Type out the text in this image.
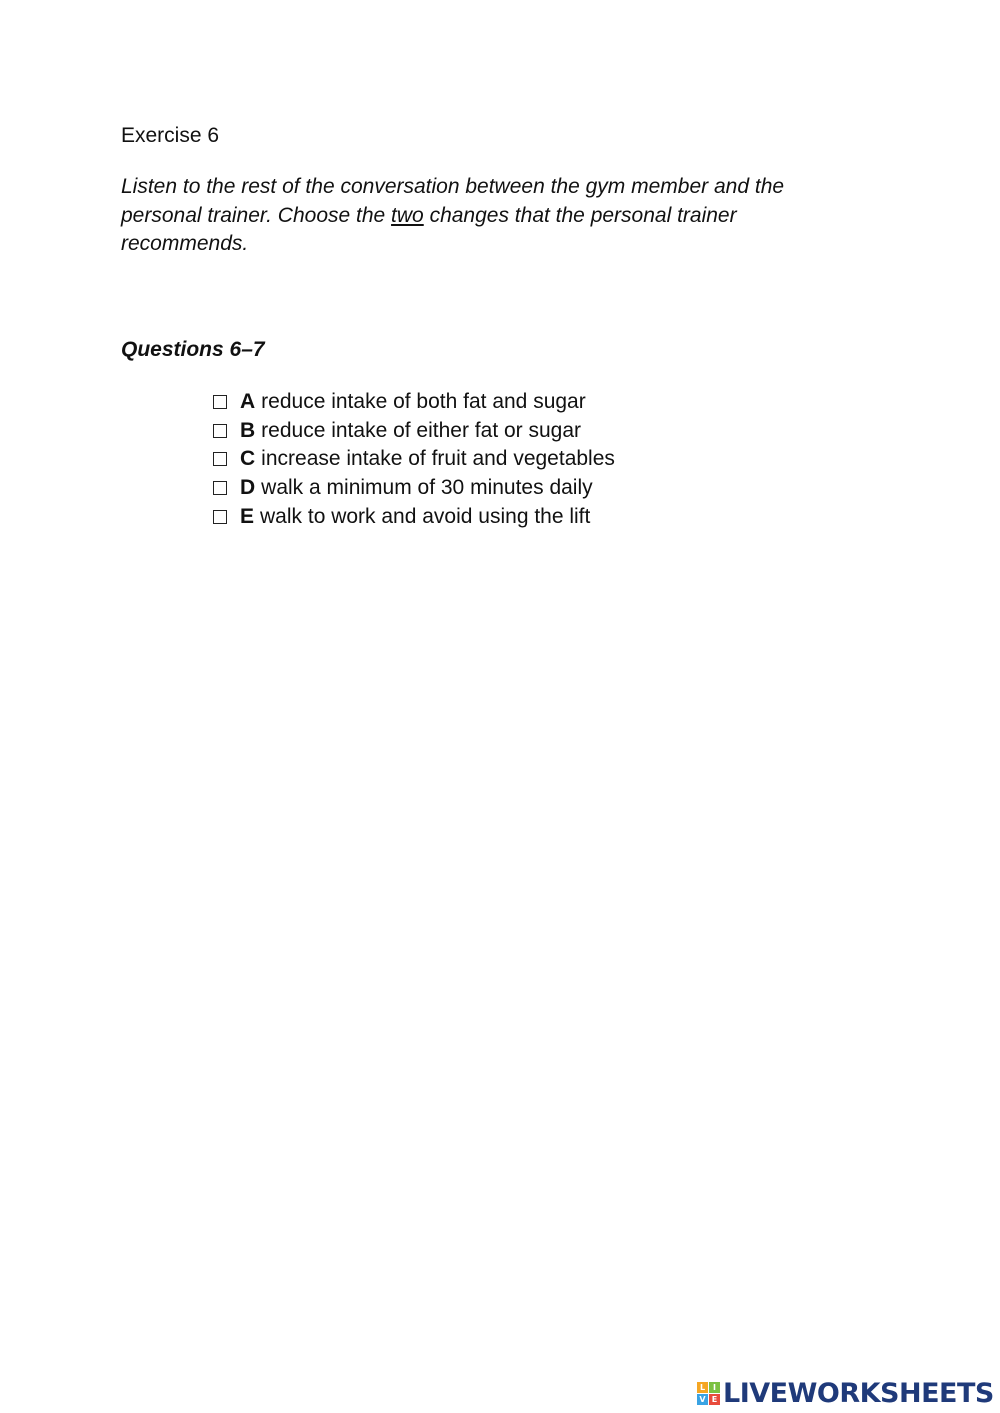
Exercise 6
Listen to the rest of the conversation between the gym member and the personal trainer. Choose the two changes that the personal trainer recommends.
Questions 6–7
A reduce intake of both fat and sugar
B reduce intake of either fat or sugar
C increase intake of fruit and vegetables
D walk a minimum of 30 minutes daily
E walk to work and avoid using the lift
L I
V E LIVEWORKSHEETS
